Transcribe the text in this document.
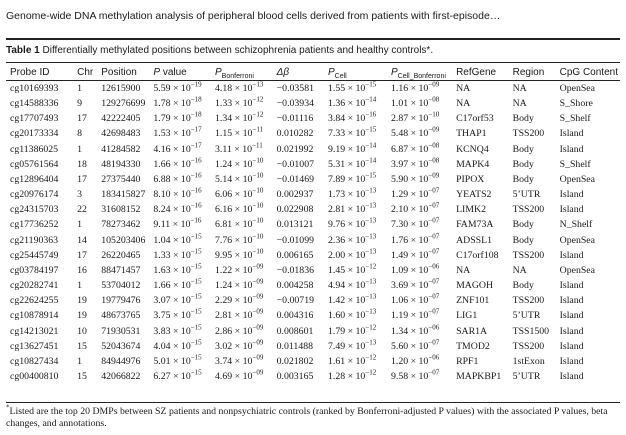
Genome-wide DNA methylation analysis of peripheral blood cells derived from patients with first-episode…
Table 1 Differentially methylated positions between schizophrenia patients and healthy controls*.
Probe ID	Chr	Position	P value	$P_{Bonferroni}$	Δβ	$P_{Cell}$	$P_{Cell\_Bonferroni}$	RefGene	Region	CpG Content
cg10169393	1	12615900	$5.59 \times 10^{-19}$	$4.18 \times 10^{-13}$	−0.03581	$1.55 \times 10^{-15}$	$1.16 \times 10^{-09}$	NA	NA	OpenSea
cg14588336	9	129276699	$1.78 \times 10^{-18}$	$1.33 \times 10^{-12}$	−0.03934	$1.36 \times 10^{-14}$	$1.01 \times 10^{-08}$	NA	NA	S_Shore
cg17707493	17	42222405	$1.79 \times 10^{-18}$	$1.34 \times 10^{-12}$	−0.01116	$3.84 \times 10^{-16}$	$2.87 \times 10^{-10}$	C17orf53	Body	S_Shelf
cg20173334	8	42698483	$1.53 \times 10^{-17}$	$1.15 \times 10^{-11}$	0.010282	$7.33 \times 10^{-15}$	$5.48 \times 10^{-09}$	THAP1	TSS200	Island
cg11386025	1	41284582	$4.16 \times 10^{-17}$	$3.11 \times 10^{-11}$	0.021992	$9.19 \times 10^{-14}$	$6.87 \times 10^{-08}$	KCNQ4	Body	Island
cg05761564	18	48194330	$1.66 \times 10^{-16}$	$1.24 \times 10^{-10}$	−0.01007	$5.31 \times 10^{-14}$	$3.97 \times 10^{-08}$	MAPK4	Body	S_Shelf
cg12896404	17	27375440	$6.88 \times 10^{-16}$	$5.14 \times 10^{-10}$	−0.01469	$7.89 \times 10^{-15}$	$5.90 \times 10^{-09}$	PIPOX	Body	OpenSea
cg20976174	3	183415827	$8.10 \times 10^{-16}$	$6.06 \times 10^{-10}$	0.002937	$1.73 \times 10^{-13}$	$1.29 \times 10^{-07}$	YEATS2	5’UTR	Island
cg24315703	22	31608152	$8.24 \times 10^{-16}$	$6.16 \times 10^{-10}$	0.022908	$2.81 \times 10^{-13}$	$2.10 \times 10^{-07}$	LIMK2	TSS200	Island
cg17736252	1	78273462	$9.11 \times 10^{-16}$	$6.81 \times 10^{-10}$	0.013121	$9.76 \times 10^{-13}$	$7.30 \times 10^{-07}$	FAM73A	Body	N_Shelf
cg21190363	14	105203406	$1.04 \times 10^{-15}$	$7.76 \times 10^{-10}$	−0.01099	$2.36 \times 10^{-13}$	$1.76 \times 10^{-07}$	ADSSL1	Body	OpenSea
cg25445749	17	26220465	$1.33 \times 10^{-15}$	$9.95 \times 10^{-10}$	0.006165	$2.00 \times 10^{-13}$	$1.49 \times 10^{-07}$	C17orf108	TSS200	Island
cg03784197	16	88471457	$1.63 \times 10^{-15}$	$1.22 \times 10^{-09}$	−0.01836	$1.45 \times 10^{-12}$	$1.09 \times 10^{-06}$	NA	NA	OpenSea
cg20282741	1	53704012	$1.66 \times 10^{-15}$	$1.24 \times 10^{-09}$	0.004258	$4.94 \times 10^{-13}$	$3.69 \times 10^{-07}$	MAGOH	Body	Island
cg22624255	19	19779476	$3.07 \times 10^{-15}$	$2.29 \times 10^{-09}$	−0.00719	$1.42 \times 10^{-13}$	$1.06 \times 10^{-07}$	ZNF101	TSS200	Island
cg10878914	19	48673765	$3.75 \times 10^{-15}$	$2.81 \times 10^{-09}$	0.004316	$1.60 \times 10^{-13}$	$1.19 \times 10^{-07}$	LIG1	5’UTR	Island
cg14213021	10	71930531	$3.83 \times 10^{-15}$	$2.86 \times 10^{-09}$	0.008601	$1.79 \times 10^{-12}$	$1.34 \times 10^{-06}$	SAR1A	TSS1500	Island
cg13627451	15	52043674	$4.04 \times 10^{-15}$	$3.02 \times 10^{-09}$	0.011488	$7.49 \times 10^{-13}$	$5.60 \times 10^{-07}$	TMOD2	TSS200	Island
cg10827434	1	84944976	$5.01 \times 10^{-15}$	$3.74 \times 10^{-09}$	0.021802	$1.61 \times 10^{-12}$	$1.20 \times 10^{-06}$	RPF1	1stExon	Island
cg00400810	15	42066822	$6.27 \times 10^{-15}$	$4.69 \times 10^{-09}$	0.003165	$1.28 \times 10^{-12}$	$9.58 \times 10^{-07}$	MAPKBP1	5’UTR	Island
*Listed are the top 20 DMPs between SZ patients and nonpsychiatric controls (ranked by Bonferroni-adjusted P values) with the associated P values, beta changes, and annotations.
